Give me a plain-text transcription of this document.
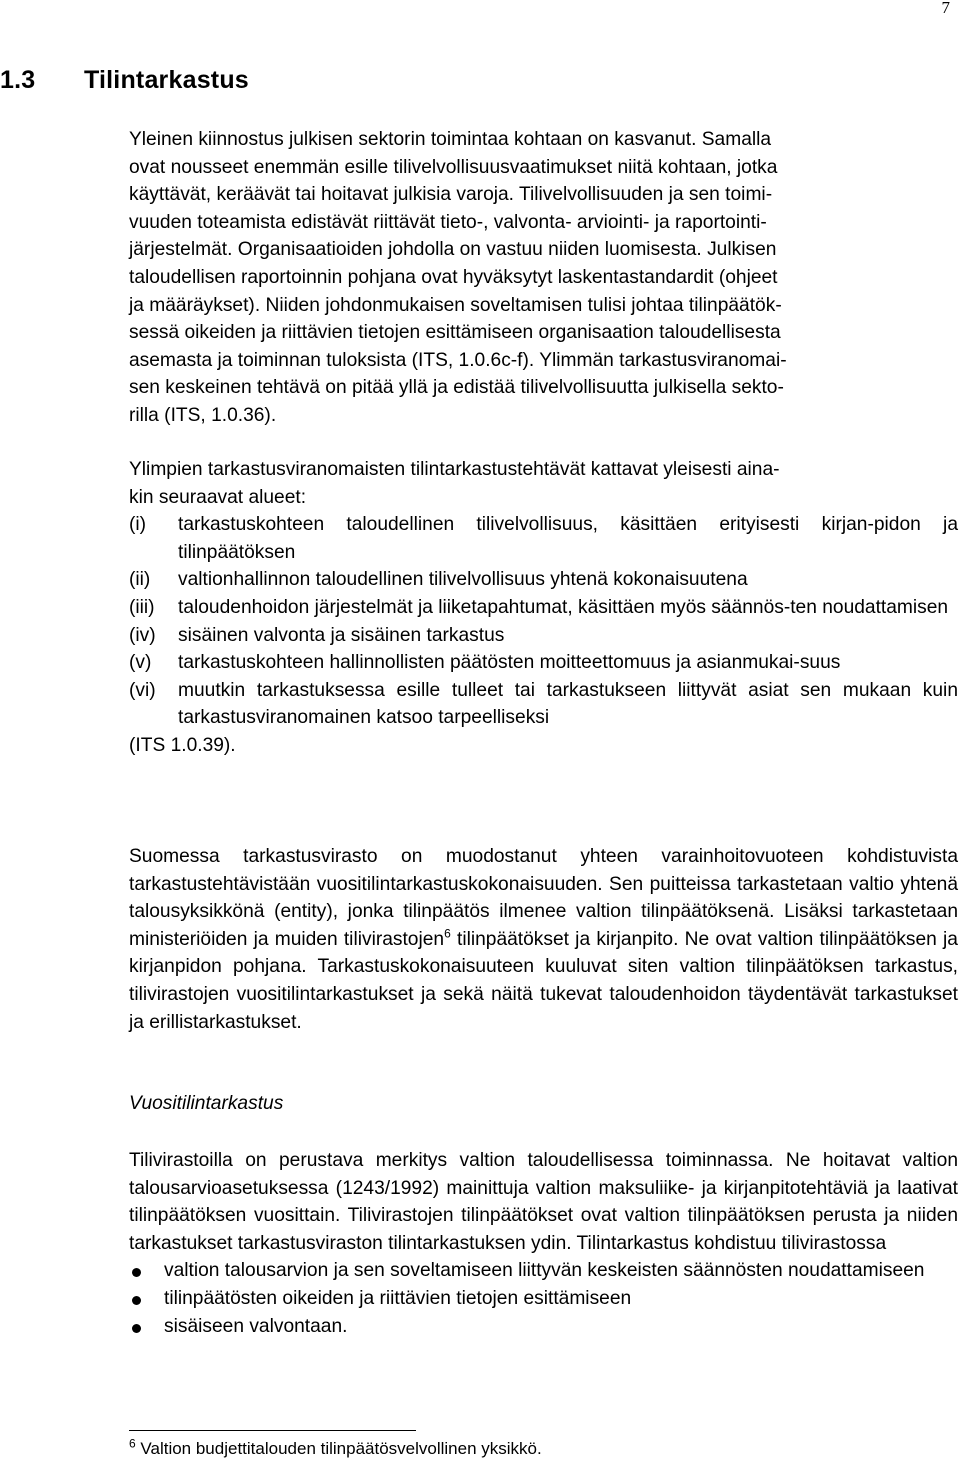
7
1.3 Tilintarkastus
Yleinen kiinnostus julkisen sektorin toimintaa kohtaan on kasvanut. Samalla
ovat nousseet enemmän esille tilivelvollisuusvaatimukset niitä kohtaan, jotka
käyttävät, keräävät tai hoitavat julkisia varoja. Tilivelvollisuuden ja sen toimi-
vuuden toteamista edistävät riittävät tieto-, valvonta- arviointi- ja raportointi-
järjestelmät. Organisaatioiden johdolla on vastuu niiden luomisesta. Julkisen
taloudellisen raportoinnin pohjana ovat hyväksytyt laskentastandardit (ohjeet
ja määräykset). Niiden johdonmukaisen soveltamisen tulisi johtaa tilinpäätök-
sessä oikeiden ja riittävien tietojen esittämiseen organisaation taloudellisesta
asemasta ja toiminnan tuloksista (ITS, 1.0.6c-f). Ylimmän tarkastusviranomai-
sen keskeinen tehtävä on pitää yllä ja edistää tilivelvollisuutta julkisella sekto-
rilla (ITS, 1.0.36).
Ylimpien tarkastusviranomaisten tilintarkastustehtävät kattavat yleisesti aina-
kin seuraavat alueet:
(i) tarkastuskohteen taloudellinen tilivelvollisuus, käsittäen erityisesti kirjan-pidon ja tilinpäätöksen
(ii) valtionhallinnon taloudellinen tilivelvollisuus yhtenä kokonaisuutena
(iii) taloudenhoidon järjestelmät ja liiketapahtumat, käsittäen myös säännös-ten noudattamisen
(iv) sisäinen valvonta ja sisäinen tarkastus
(v) tarkastuskohteen hallinnollisten päätösten moitteettomuus ja asianmukai-suus
(vi) muutkin tarkastuksessa esille tulleet tai tarkastukseen liittyvät asiat sen mukaan kuin tarkastusviranomainen katsoo tarpeelliseksi

(ITS 1.0.39).

Suomessa tarkastusvirasto on muodostanut yhteen varainhoitovuoteen kohdistuvista tarkastustehtävistään vuositilintarkastuskokonaisuuden. Sen puitteissa tarkastetaan valtio yhtenä talousyksikkönä (entity), jonka tilinpäätös ilmenee valtion tilinpäätöksenä. Lisäksi tarkastetaan ministeriöiden ja muiden tilivirastojen$^6$ tilinpäätökset ja kirjanpito. Ne ovat valtion tilinpäätöksen ja kirjanpidon pohjana. Tarkastuskokonaisuuteen kuuluvat siten valtion tilinpäätöksen tarkastus, tilivirastojen vuositilintarkastukset ja sekä näitä tukevat taloudenhoidon täydentävät tarkastukset ja erillistarkastukset.

Vuositilintarkastus

Tilivirastoilla on perustava merkitys valtion taloudellisessa toiminnassa. Ne hoitavat valtion talousarvioasetuksessa (1243/1992) mainittuja valtion maksuliike- ja kirjanpitotehtäviä ja laativat tilinpäätöksen vuosittain. Tilivirastojen tilinpäätökset ovat valtion tilinpäätöksen perusta ja niiden tarkastukset tarkastusviraston tilintarkastuksen ydin. Tilintarkastus kohdistuu tilivirastossa

valtion talousarvion ja sen soveltamiseen liittyvän keskeisten säännösten noudattamiseen
tilinpäätösten oikeiden ja riittävien tietojen esittämiseen
sisäiseen valvontaan.
$^6$ Valtion budjettitalouden tilinpäätösvelvollinen yksikkö.
